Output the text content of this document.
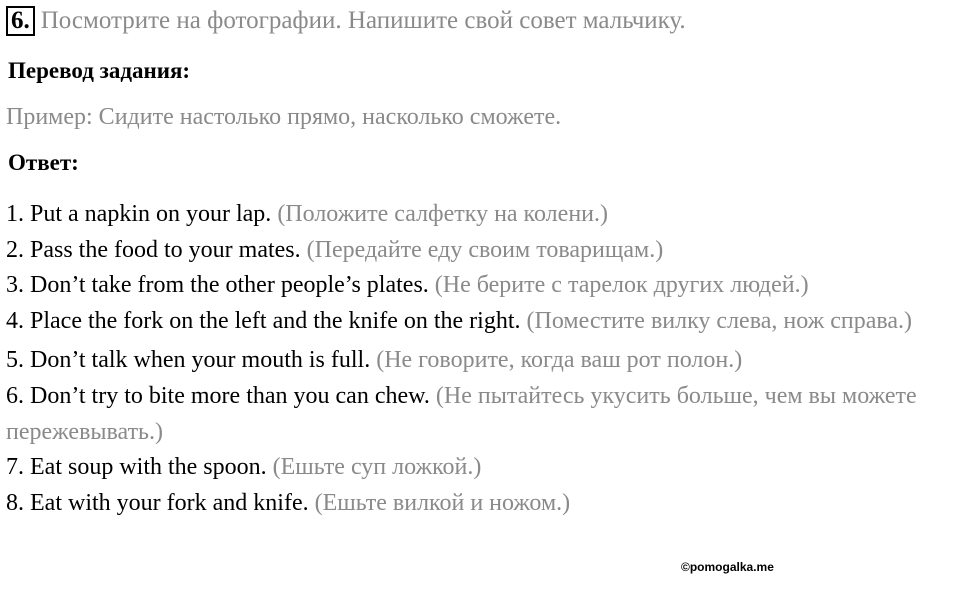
6. Посмотрите на фотографии. Напишите свой совет мальчику.
Перевод задания:
Пример: Сидите настолько прямо, насколько сможете.
Ответ:
1. Put a napkin on your lap. (Положите салфетку на колени.)
2. Pass the food to your mates. (Передайте еду своим товарищам.)
3. Don’t take from the other people’s plates. (Не берите с тарелок других людей.)
4. Place the fork on the left and the knife on the right. (Поместите вилку слева, нож справа.)
5. Don’t talk when your mouth is full. (Не говорите, когда ваш рот полон.)
6. Don’t try to bite more than you can chew. (Не пытайтесь укусить больше, чем вы можете пережевывать.)
7. Eat soup with the spoon. (Ешьте суп ложкой.)
8. Eat with your fork and knife. (Ешьте вилкой и ножом.)
©pomogalka.me
